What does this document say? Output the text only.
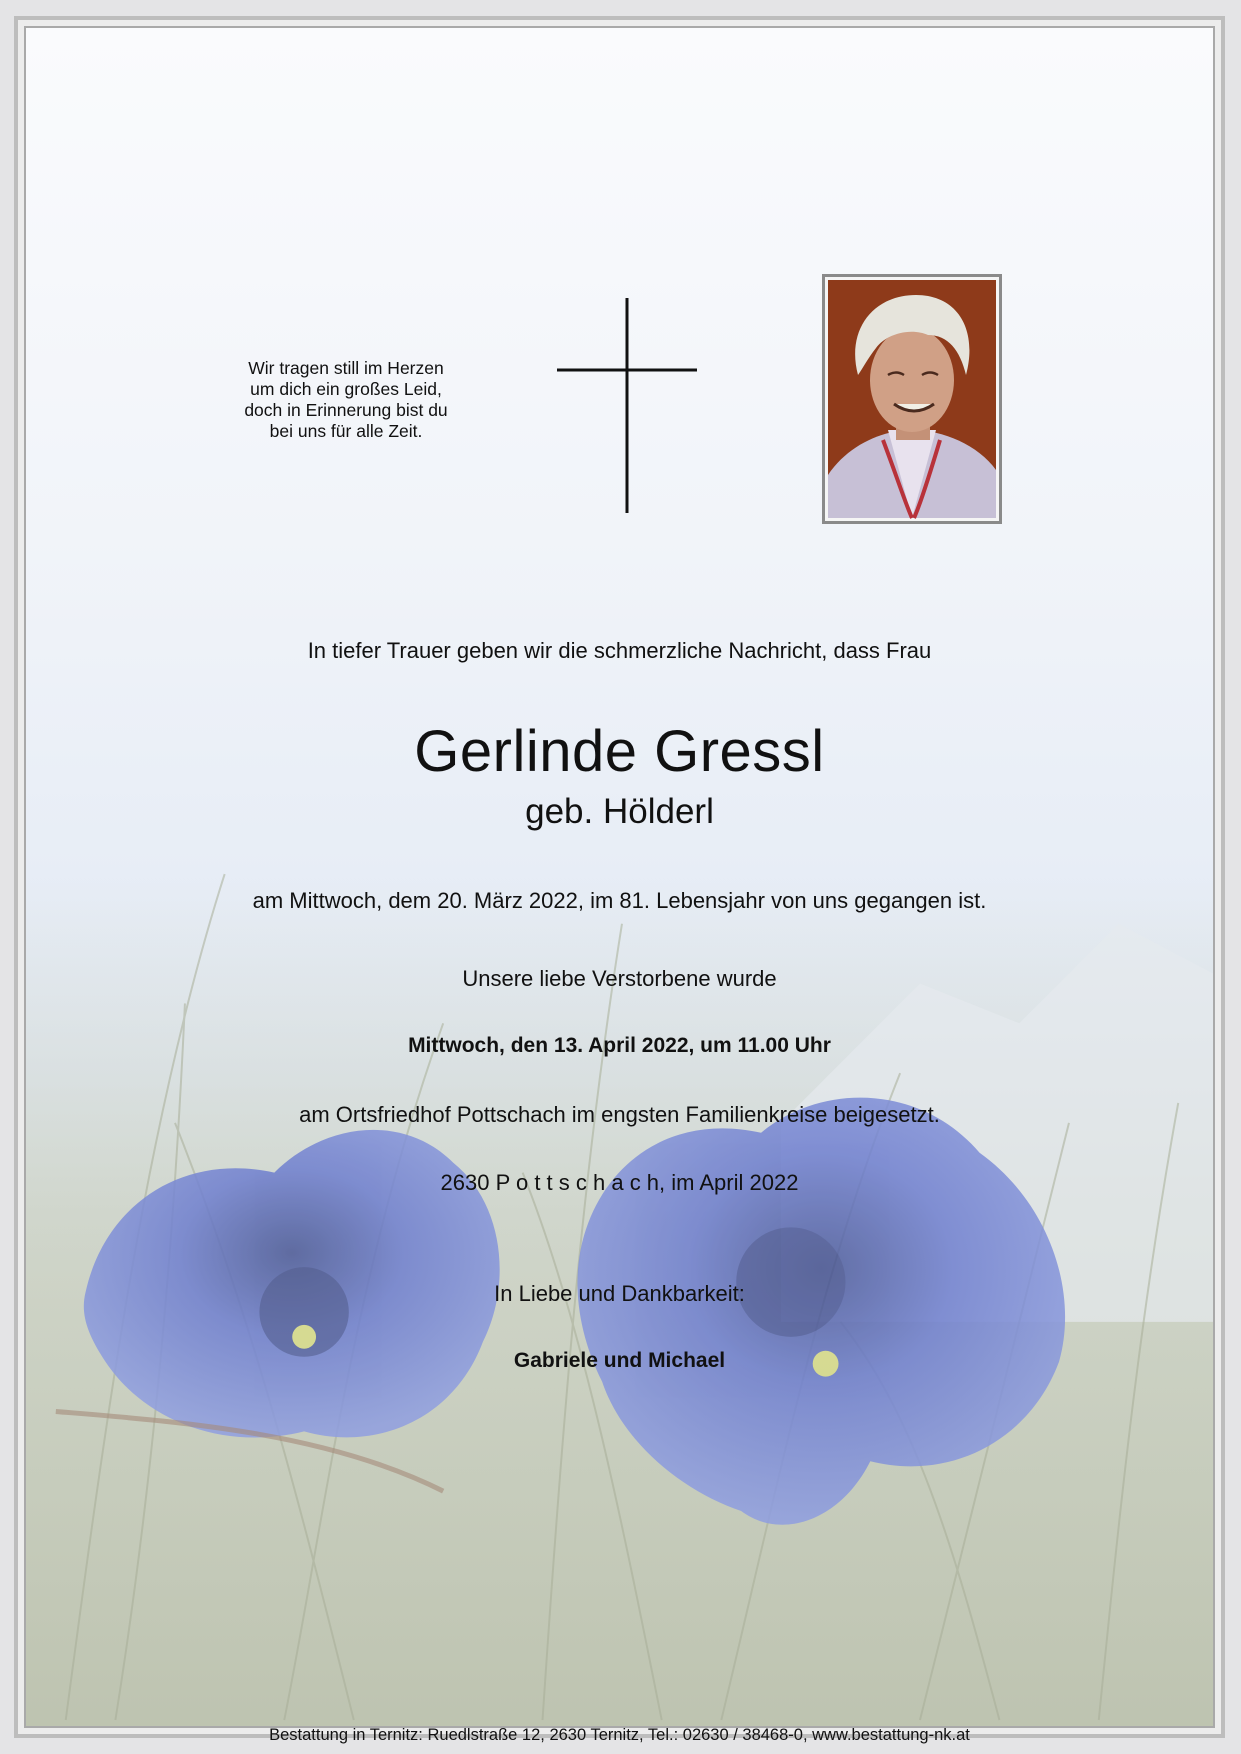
Wir tragen still im Herzen
um dich ein großes Leid,
doch in Erinnerung bist du
bei uns für alle Zeit.
In tiefer Trauer geben wir die schmerzliche Nachricht, dass Frau
Gerlinde Gressl
geb. Hölderl
am Mittwoch, dem 20. März 2022, im 81. Lebensjahr von uns gegangen ist.
Unsere liebe Verstorbene wurde
Mittwoch, den 13. April 2022, um 11.00 Uhr
am Ortsfriedhof Pottschach im engsten Familienkreise beigesetzt.
2630 P o t t s c h a c h, im April 2022
In Liebe und Dankbarkeit:
Gabriele und Michael
Bestattung in Ternitz: Ruedlstraße 12, 2630 Ternitz, Tel.: 02630 / 38468-0, www.bestattung-nk.at
